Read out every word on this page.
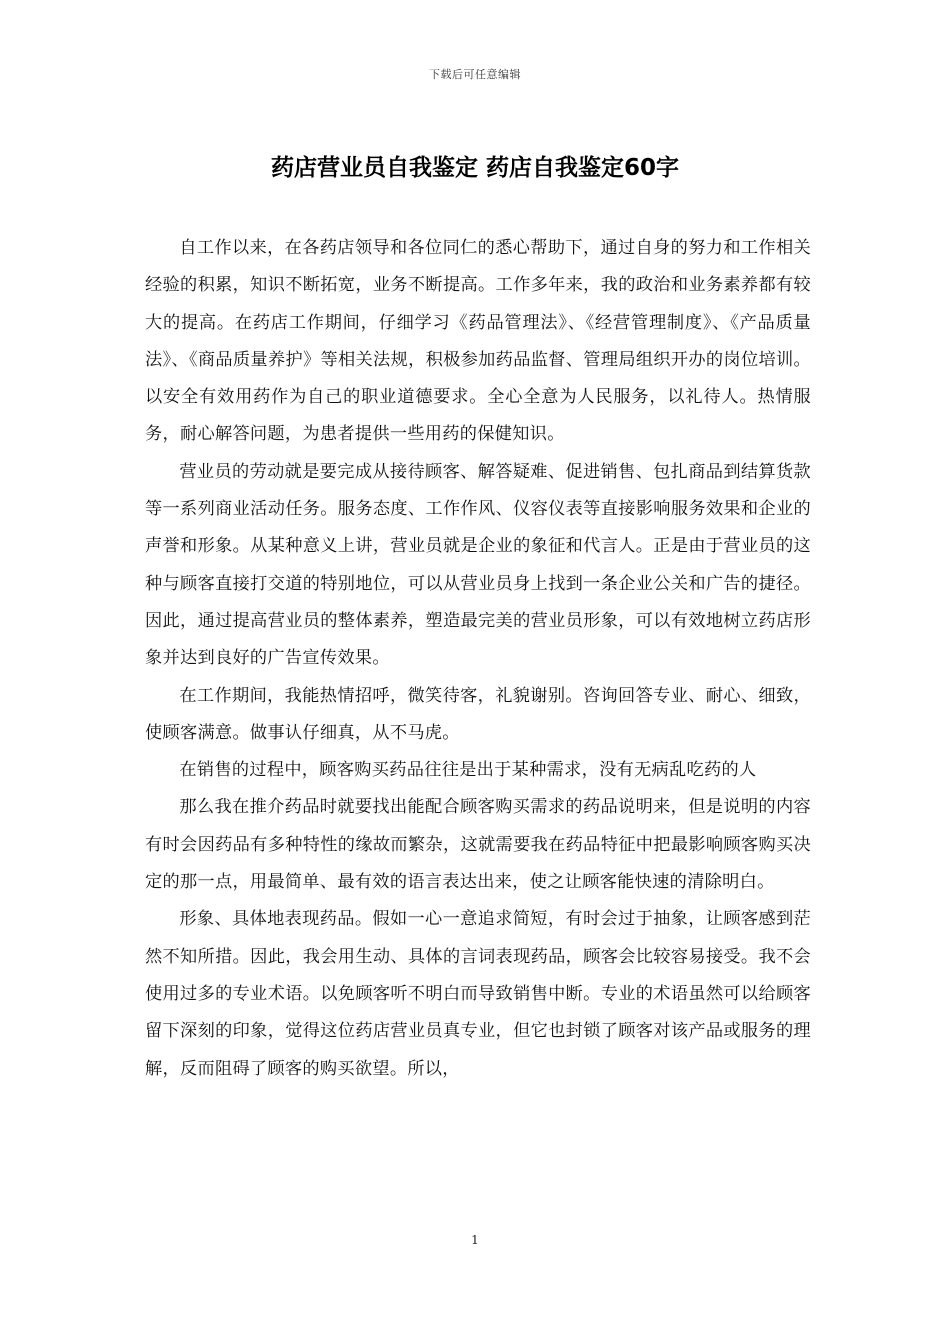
下载后可任意编辑
药店营业员自我鉴定 药店自我鉴定60字

自工作以来，在各药店领导和各位同仁的悉心帮助下，通过自身的努力和工作相关经验的积累，知识不断拓宽，业务不断提高。工作多年来，我的政治和业务素养都有较大的提高。在药店工作期间，仔细学习《药品管理法》、《经营管理制度》、《产品质量法》、《商品质量养护》等相关法规，积极参加药品监督、管理局组织开办的岗位培训。以安全有效用药作为自己的职业道德要求。全心全意为人民服务，以礼待人。热情服务，耐心解答问题，为患者提供一些用药的保健知识。

营业员的劳动就是要完成从接待顾客、解答疑难、促进销售、包扎商品到结算货款等一系列商业活动任务。服务态度、工作作风、仪容仪表等直接影响服务效果和企业的声誉和形象。从某种意义上讲，营业员就是企业的象征和代言人。正是由于营业员的这种与顾客直接打交道的特别地位，可以从营业员身上找到一条企业公关和广告的捷径。因此，通过提高营业员的整体素养，塑造最完美的营业员形象，可以有效地树立药店形象并达到良好的广告宣传效果。

在工作期间，我能热情招呼，微笑待客，礼貌谢别。咨询回答专业、耐心、细致，使顾客满意。做事认仔细真，从不马虎。

在销售的过程中，顾客购买药品往往是出于某种需求，没有无病乱吃药的人

那么我在推介药品时就要找出能配合顾客购买需求的药品说明来，但是说明的内容有时会因药品有多种特性的缘故而繁杂，这就需要我在药品特征中把最影响顾客购买决定的那一点，用最简单、最有效的语言表达出来，使之让顾客能快速的清除明白。

形象、具体地表现药品。假如一心一意追求简短，有时会过于抽象，让顾客感到茫然不知所措。因此，我会用生动、具体的言词表现药品，顾客会比较容易接受。我不会使用过多的专业术语。以免顾客听不明白而导致销售中断。专业的术语虽然可以给顾客留下深刻的印象，觉得这位药店营业员真专业，但它也封锁了顾客对该产品或服务的理解，反而阻碍了顾客的购买欲望。所以，

1
